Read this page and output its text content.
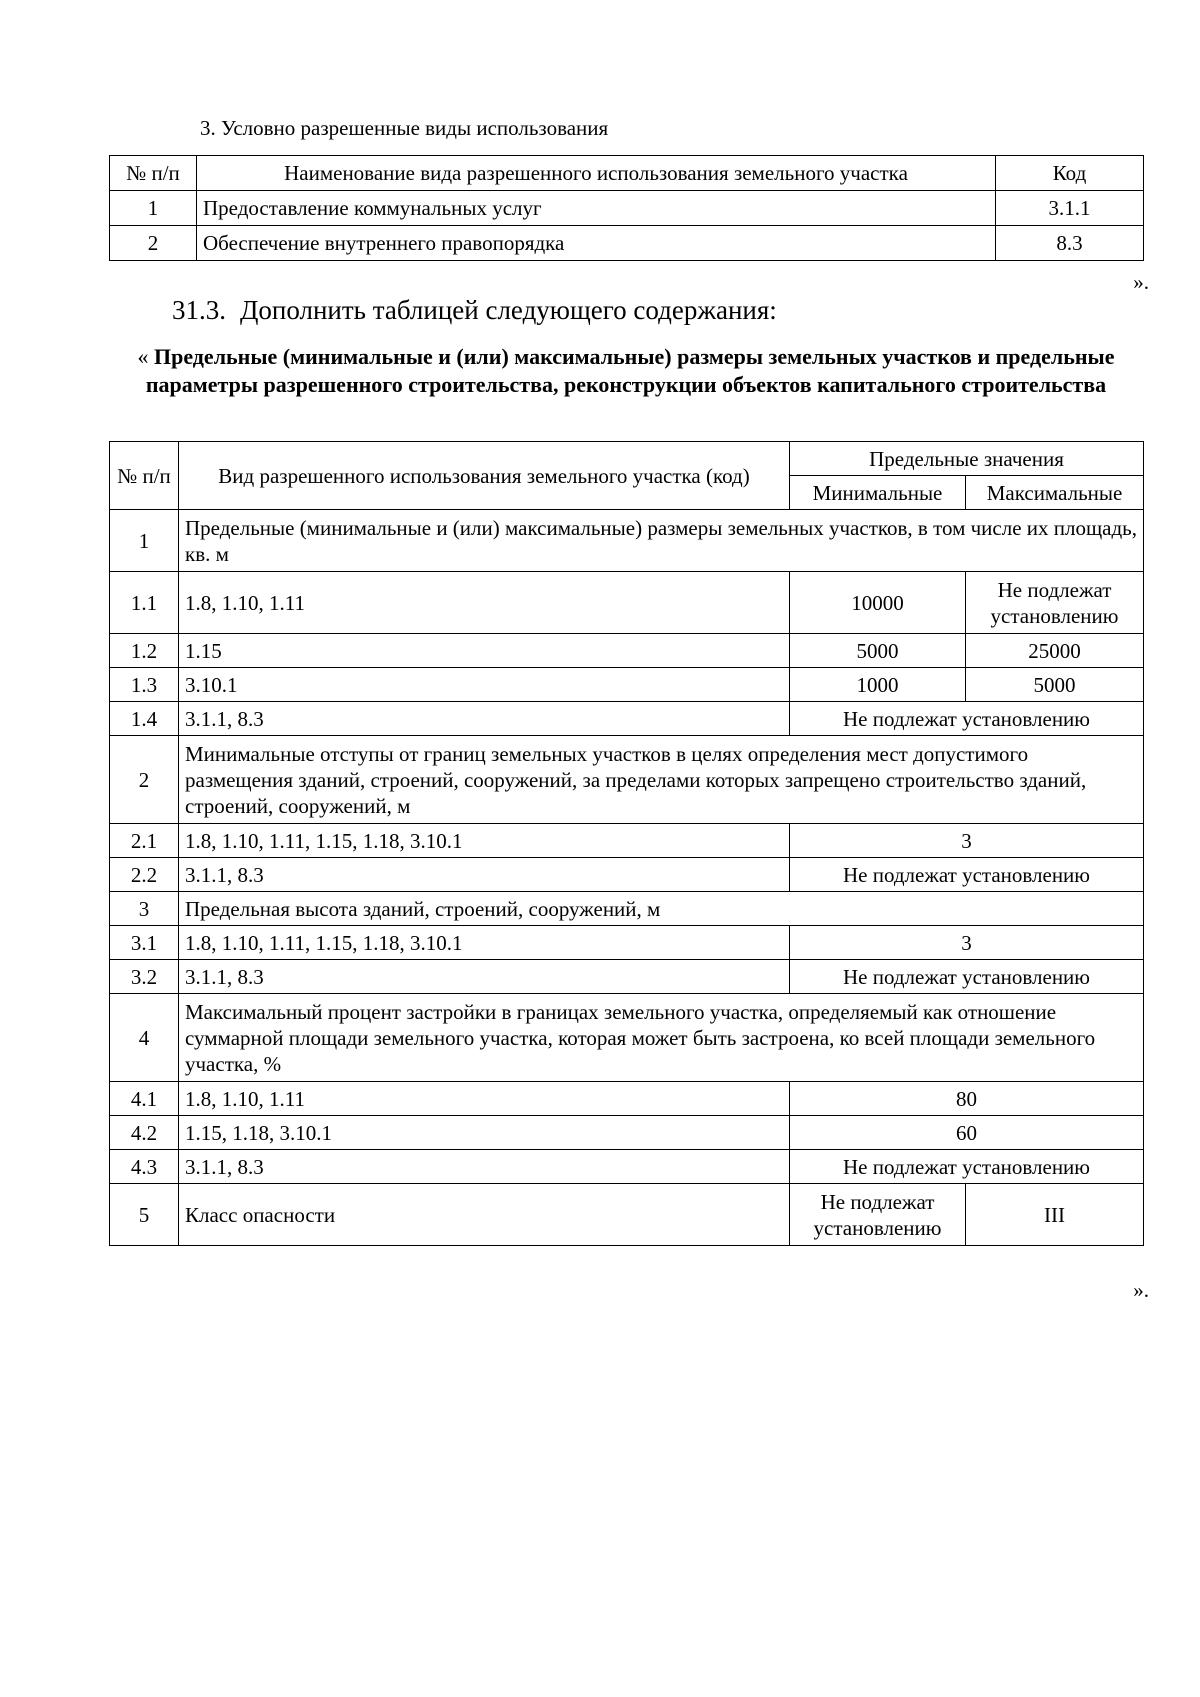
3. Условно разрешенные виды использования
№ п/п	Наименование вида разрешенного использования земельного участка	Код
1	Предоставление коммунальных услуг	3.1.1
2	Обеспечение внутреннего правопорядка	8.3
».
31.3. Дополнить таблицей следующего содержания:
« Предельные (минимальные и (или) максимальные) размеры земельных участков и предельные параметры разрешенного строительства, реконструкции объектов капитального строительства
№ п/п	Вид разрешенного использования земельного участка (код)	Предельные значения	
		Минимальные	Максимальные
1	Предельные (минимальные и (или) максимальные) размеры земельных участков, в том числе их площадь, кв. м		
1.1	1.8, 1.10, 1.11	10000	Не подлежат установлению
1.2	1.15	5000	25000
1.3	3.10.1	1000	5000
1.4	3.1.1, 8.3	Не подлежат установлению	
2	Минимальные отступы от границ земельных участков в целях определения мест допустимого размещения зданий, строений, сооружений, за пределами которых запрещено строительство зданий, строений, сооружений, м		
2.1	1.8, 1.10, 1.11, 1.15, 1.18, 3.10.1	3	
2.2	3.1.1, 8.3	Не подлежат установлению	
3	Предельная высота зданий, строений, сооружений, м		
3.1	1.8, 1.10, 1.11, 1.15, 1.18, 3.10.1	3	
3.2	3.1.1, 8.3	Не подлежат установлению	
4	Максимальный процент застройки в границах земельного участка, определяемый как отношение суммарной площади земельного участка, которая может быть застроена, ко всей площади земельного участка, %		
4.1	1.8, 1.10, 1.11	80	
4.2	1.15, 1.18, 3.10.1	60	
4.3	3.1.1, 8.3	Не подлежат установлению	
5	Класс опасности	Не подлежат установлению	III
».
